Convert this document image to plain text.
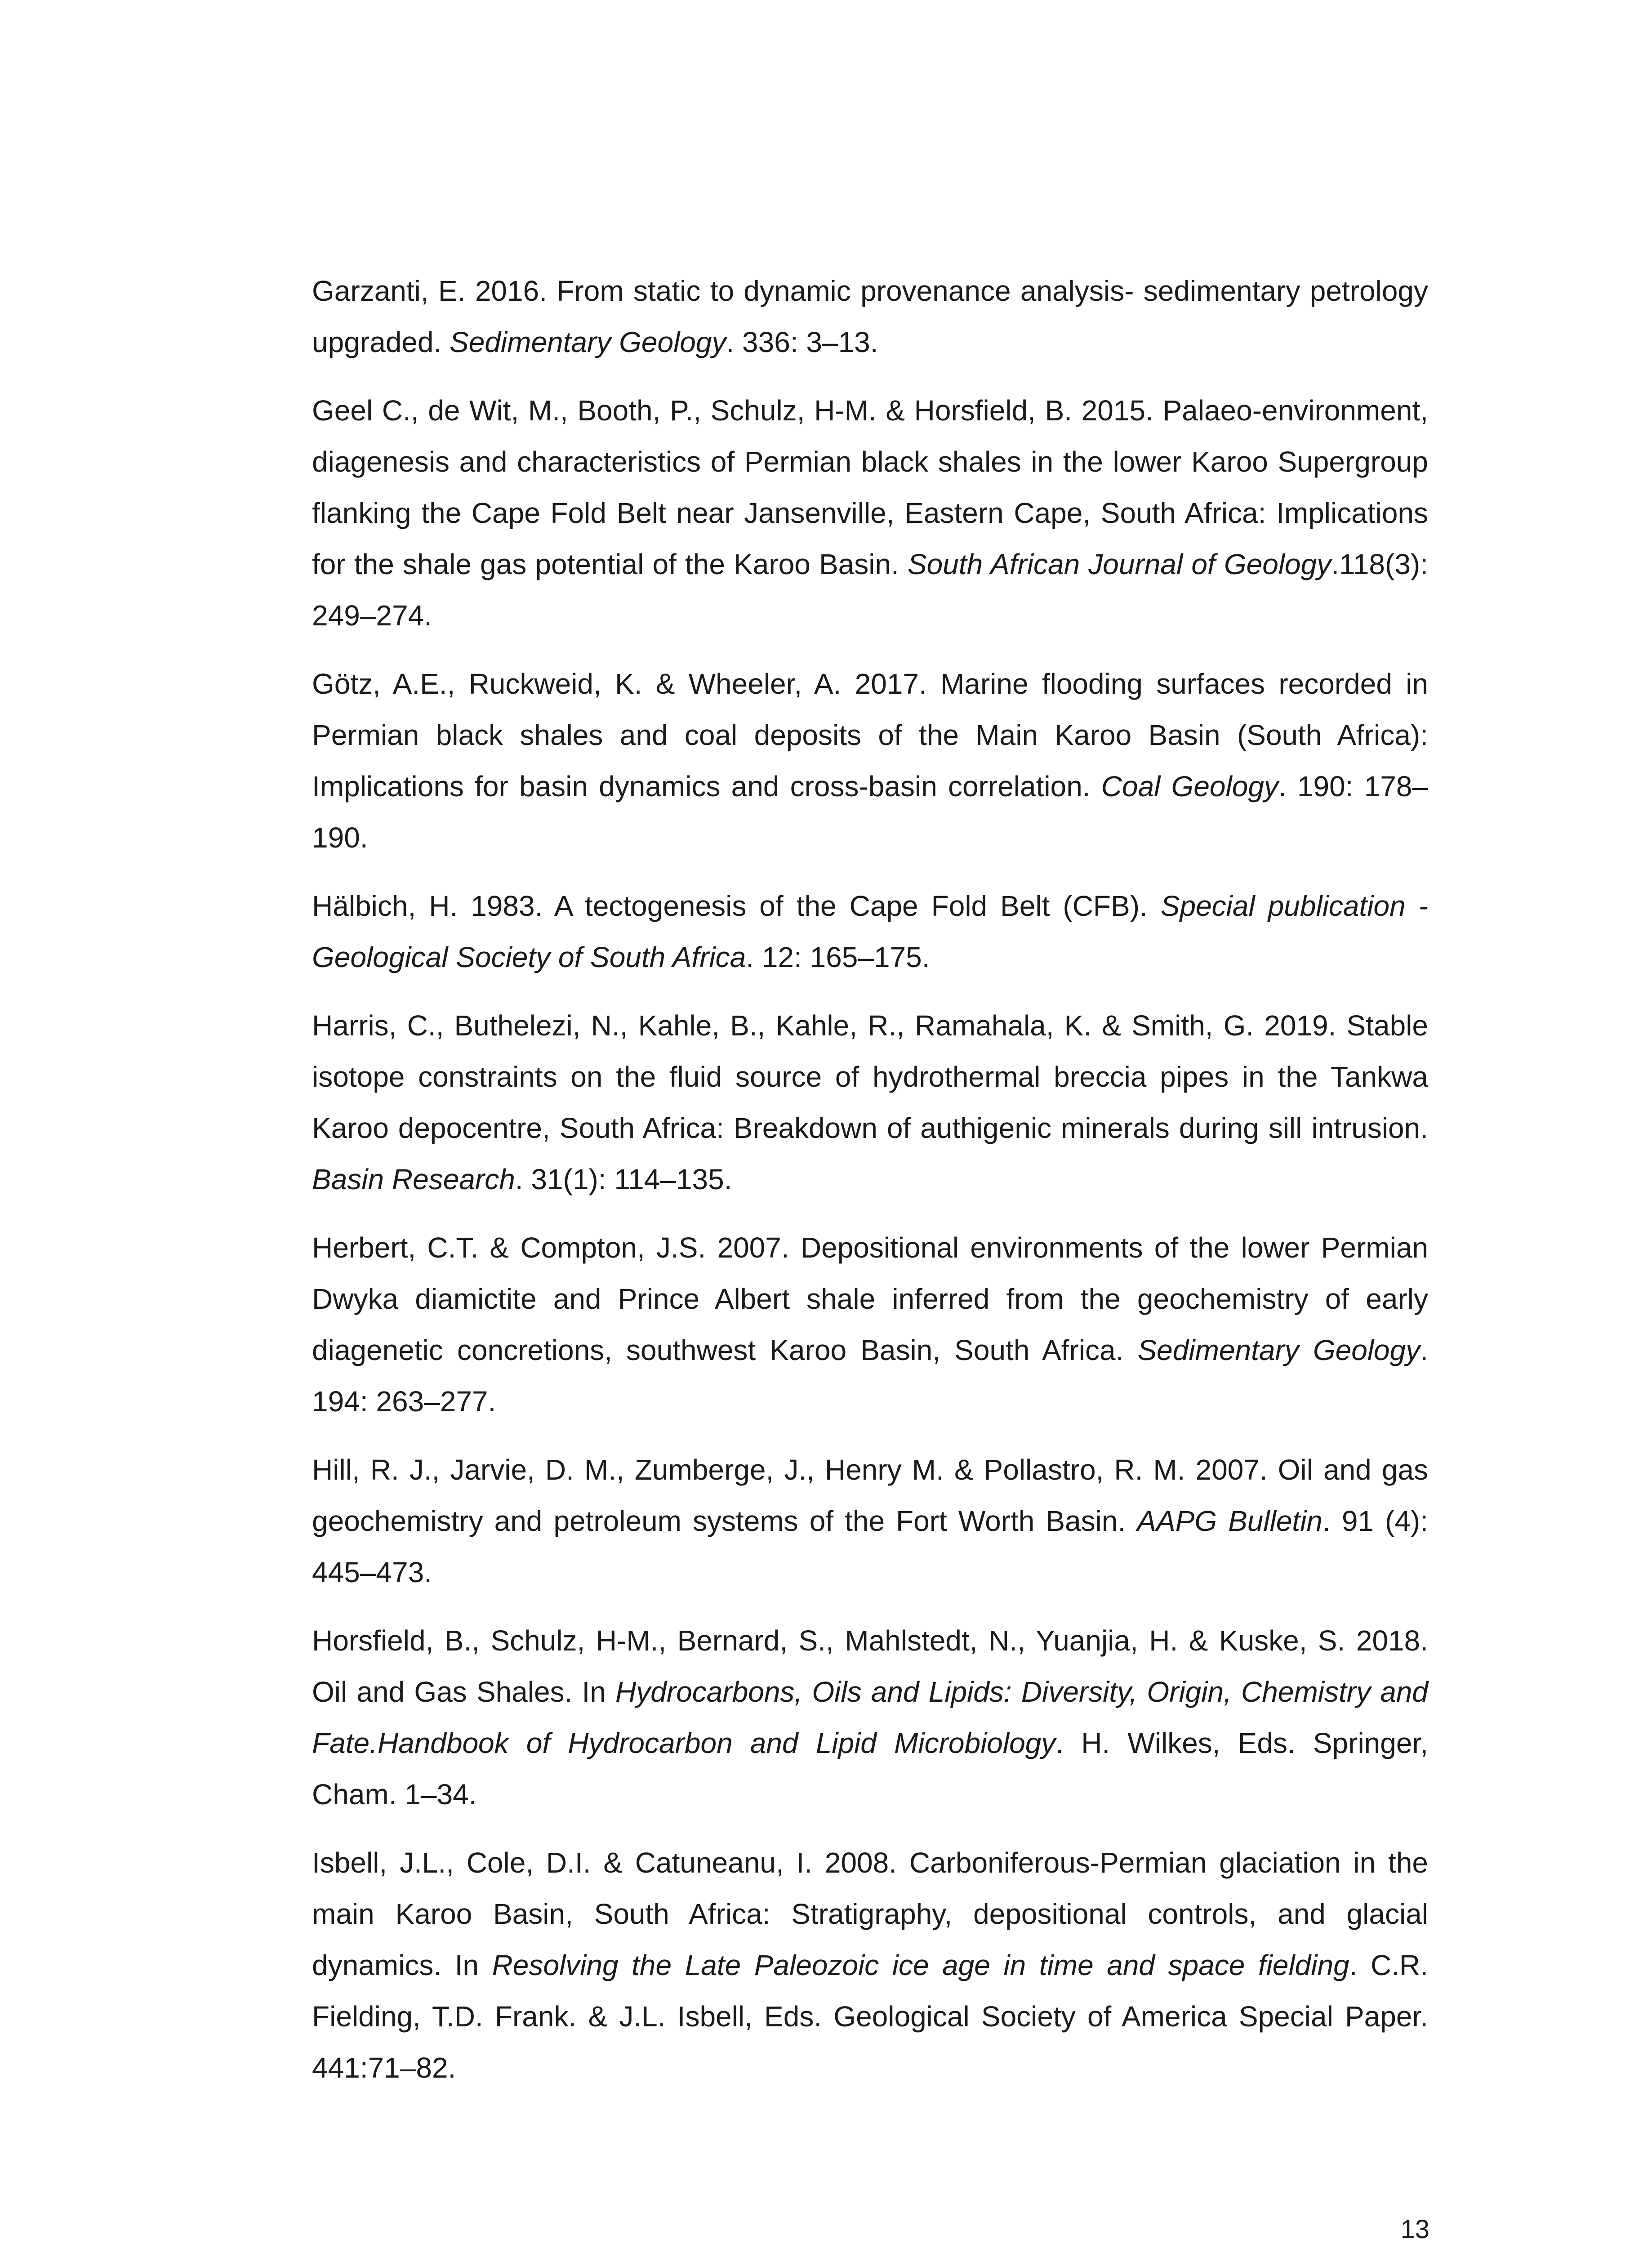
Garzanti, E. 2016. From static to dynamic provenance analysis- sedimentary petrology upgraded. Sedimentary Geology. 336: 3–13.

Geel C., de Wit, M., Booth, P., Schulz, H-M. & Horsfield, B. 2015. Palaeo-environment, diagenesis and characteristics of Permian black shales in the lower Karoo Supergroup flanking the Cape Fold Belt near Jansenville, Eastern Cape, South Africa: Implications for the shale gas potential of the Karoo Basin. South African Journal of Geology.118(3): 249–274.

Götz, A.E., Ruckweid, K. & Wheeler, A. 2017. Marine flooding surfaces recorded in Permian black shales and coal deposits of the Main Karoo Basin (South Africa): Implications for basin dynamics and cross-basin correlation. Coal Geology. 190: 178–190.

Hälbich, H. 1983. A tectogenesis of the Cape Fold Belt (CFB). Special publication - Geological Society of South Africa. 12: 165–175.

Harris, C., Buthelezi, N., Kahle, B., Kahle, R., Ramahala, K. & Smith, G. 2019. Stable isotope constraints on the fluid source of hydrothermal breccia pipes in the Tankwa Karoo depocentre, South Africa: Breakdown of authigenic minerals during sill intrusion. Basin Research. 31(1): 114–135.

Herbert, C.T. & Compton, J.S. 2007. Depositional environments of the lower Permian Dwyka diamictite and Prince Albert shale inferred from the geochemistry of early diagenetic concretions, southwest Karoo Basin, South Africa. Sedimentary Geology. 194: 263–277.

Hill, R. J., Jarvie, D. M., Zumberge, J., Henry M. & Pollastro, R. M. 2007. Oil and gas geochemistry and petroleum systems of the Fort Worth Basin. AAPG Bulletin. 91 (4): 445–473.

Horsfield, B., Schulz, H-M., Bernard, S., Mahlstedt, N., Yuanjia, H. & Kuske, S. 2018. Oil and Gas Shales. In Hydrocarbons, Oils and Lipids: Diversity, Origin, Chemistry and Fate.Handbook of Hydrocarbon and Lipid Microbiology. H. Wilkes, Eds. Springer, Cham. 1–34.

Isbell, J.L., Cole, D.I. & Catuneanu, I. 2008. Carboniferous-Permian glaciation in the main Karoo Basin, South Africa: Stratigraphy, depositional controls, and glacial dynamics. In Resolving the Late Paleozoic ice age in time and space fielding. C.R. Fielding, T.D. Frank. & J.L. Isbell, Eds. Geological Society of America Special Paper. 441:71–82.

13
